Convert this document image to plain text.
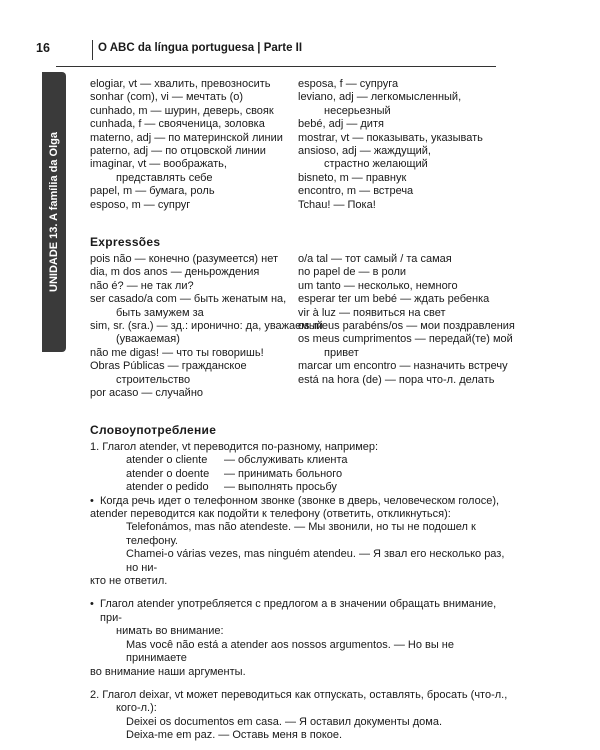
16	O ABC da língua portuguesa | Parte II
UNIDADE 13. A família da Olga

elogiar, vt — хвалить, превозносить

sonhar (com), vi — мечтать (о)

cunhado, m — шурин, деверь, свояк

cunhada, f — свояченица, золовка

materno, adj — по материнской линии

paterno, adj — по отцовской линии

imaginar, vt — воображать,

представлять себе

papel, m — бумага, роль

esposo, m — супруг

esposa, f — супруга

leviano, adj — легкомысленный,

несерьезный

bebé, adj — дитя

mostrar, vt — показывать, указывать

ansioso, adj — жаждущий,

страстно желающий

bisneto, m — правнук

encontro, m — встреча

Tchau! — Пока!

Expressões

pois não — конечно (разумеется) нет

dia, m dos anos — деньрождения

não é? — не так ли?

ser casado/a com — быть женатым на,

быть замужем за

sim, sr. (sra.) — зд.: иронично: да, уважаемый

(уважаемая)

não me digas! — что ты говоришь!

Obras Públicas — гражданское

строительство

por acaso — случайно

o/a tal — тот самый / та самая

no papel de — в роли

um tanto — несколько, немного

esperar ter um bebé — ждать ребенка

vir à luz — появиться на свет

os meus parabéns/os — мои поздравления

os meus cumprimentos — передай(те) мой

привет

marcar um encontro — назначить встречу

está na hora (de) — пора что-л. делать

Словоупотребление

1. Глагол atender, vt переводится по-разному, например:

atender o cliente	— обслуживать клиента
atender o doente	— принимать больного
atender o pedido	— выполнять просьбу

• Когда речь идет о телефонном звонке (звонке в дверь, человеческом голосе),

atender переводится как подойти к телефону (ответить, откликнуться):

Telefonámos, mas não atendeste. — Мы звонили, но ты не подошел к телефону.

Chamei-o várias vezes, mas ninguém atendeu. — Я звал его несколько раз, но ни-

кто не ответил.

• Глагол atender употребляется с предлогом a в значении обращать внимание, при-

нимать во внимание:

Mas você não está a atender aos nossos argumentos. — Но вы не принимаете

во внимание наши аргументы.

2. Глагол deixar, vt может переводиться как отпускать, оставлять, бросать (что-л.,

кого-л.):

Deixei os documentos em casa. — Я оставил документы дома.

Deixa-me em paz. — Оставь меня в покое.
